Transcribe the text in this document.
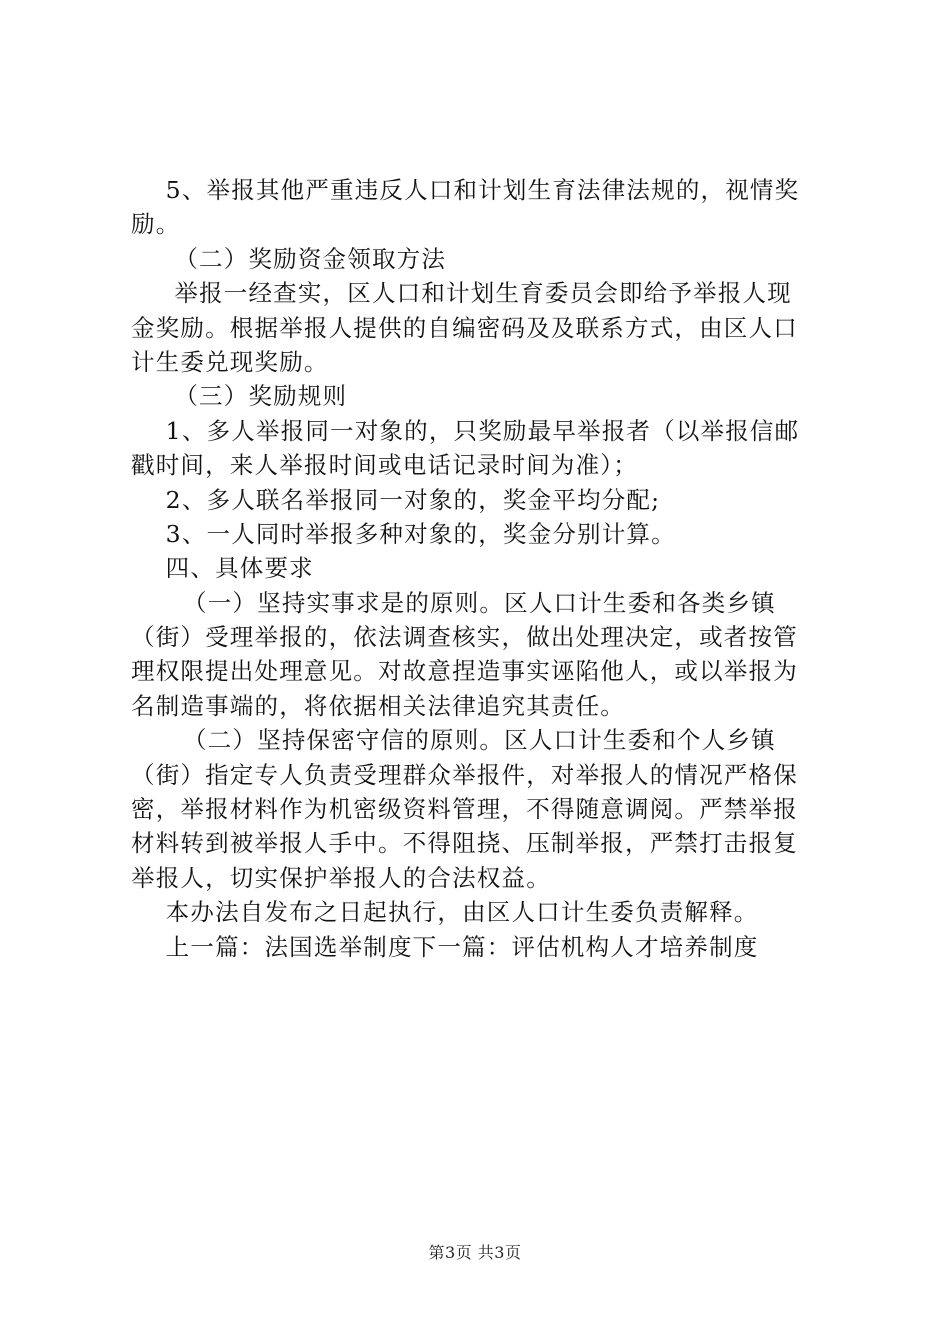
5、举报其他严重违反人口和计划生育法律法规的，视情奖
励。
（二）奖励资金领取方法
举报一经查实，区人口和计划生育委员会即给予举报人现
金奖励。根据举报人提供的自编密码及及联系方式，由区人口
计生委兑现奖励。
（三）奖励规则
1、多人举报同一对象的，只奖励最早举报者（以举报信邮
戳时间，来人举报时间或电话记录时间为准）；
2、多人联名举报同一对象的，奖金平均分配;
3、一人同时举报多种对象的，奖金分别计算。
四、具体要求
（一）坚持实事求是的原则。区人口计生委和各类乡镇
（街）受理举报的，依法调查核实，做出处理决定，或者按管
理权限提出处理意见。对故意捏造事实诬陷他人，或以举报为
名制造事端的，将依据相关法律追究其责任。
（二）坚持保密守信的原则。区人口计生委和个人乡镇
（街）指定专人负责受理群众举报件，对举报人的情况严格保
密，举报材料作为机密级资料管理，不得随意调阅。严禁举报
材料转到被举报人手中。不得阻挠、压制举报，严禁打击报复
举报人，切实保护举报人的合法权益。
本办法自发布之日起执行，由区人口计生委负责解释。
上一篇：法国选举制度下一篇：评估机构人才培养制度
第3页 共3页
